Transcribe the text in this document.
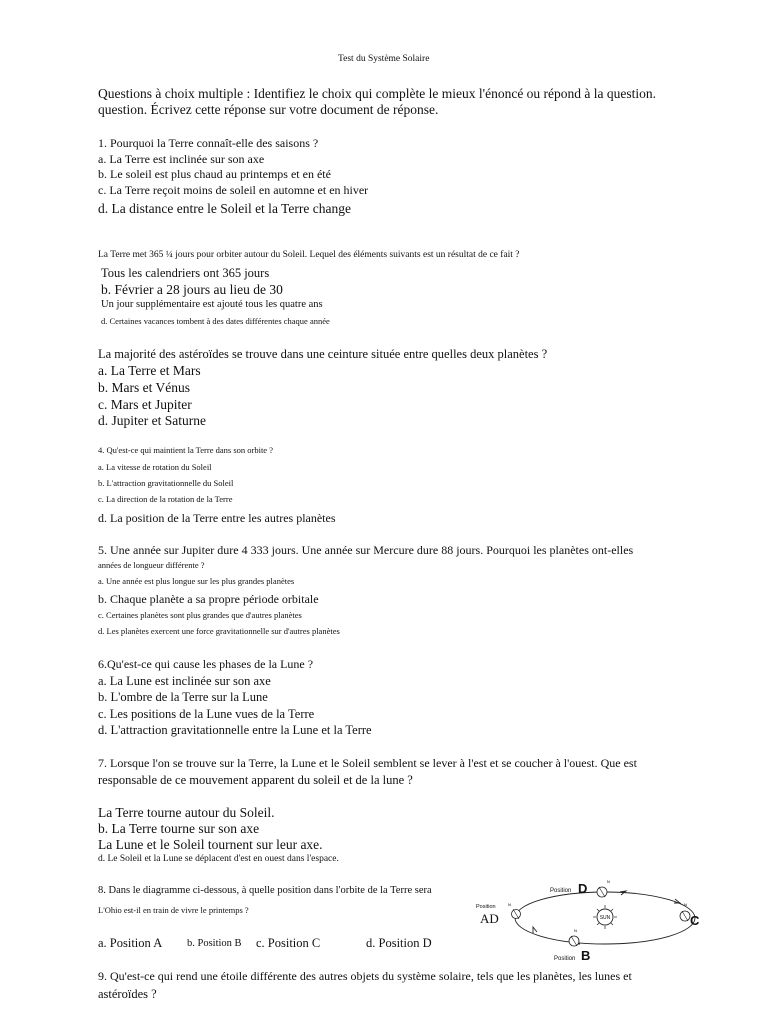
Test du Système Solaire
Questions à choix multiple : Identifiez le choix qui complète le mieux l'énoncé ou répond à la question.
question. Écrivez cette réponse sur votre document de réponse.
1. Pourquoi la Terre connaît-elle des saisons ?
a. La Terre est inclinée sur son axe
b. Le soleil est plus chaud au printemps et en été
c. La Terre reçoit moins de soleil en automne et en hiver
d. La distance entre le Soleil et la Terre change
La Terre met 365 ¼ jours pour orbiter autour du Soleil. Lequel des éléments suivants est un résultat de ce fait ?
Tous les calendriers ont 365 jours
b. Février a 28 jours au lieu de 30
Un jour supplémentaire est ajouté tous les quatre ans
d. Certaines vacances tombent à des dates différentes chaque année
La majorité des astéroïdes se trouve dans une ceinture située entre quelles deux planètes ?
a. La Terre et Mars
b. Mars et Vénus
c. Mars et Jupiter
d. Jupiter et Saturne
4. Qu'est-ce qui maintient la Terre dans son orbite ?
a. La vitesse de rotation du Soleil
b. L'attraction gravitationnelle du Soleil
c. La direction de la rotation de la Terre
d. La position de la Terre entre les autres planètes
5. Une année sur Jupiter dure 4 333 jours. Une année sur Mercure dure 88 jours. Pourquoi les planètes ont-elles
années de longueur différente ?
a. Une année est plus longue sur les plus grandes planètes
b. Chaque planète a sa propre période orbitale
c. Certaines planètes sont plus grandes que d'autres planètes
d. Les planètes exercent une force gravitationnelle sur d'autres planètes
6.Qu'est-ce qui cause les phases de la Lune ?
a. La Lune est inclinée sur son axe
b. L'ombre de la Terre sur la Lune
c. Les positions de la Lune vues de la Terre
d. L'attraction gravitationnelle entre la Lune et la Terre
7. Lorsque l'on se trouve sur la Terre, la Lune et le Soleil semblent se lever à l'est et se coucher à l'ouest. Que est
responsable de ce mouvement apparent du soleil et de la lune ?
La Terre tourne autour du Soleil.
b. La Terre tourne sur son axe
La Lune et le Soleil tournent sur leur axe.
d. Le Soleil et la Lune se déplacent d'est en ouest dans l'espace.
8. Dans le diagramme ci-dessous, à quelle position dans l'orbite de la Terre sera
L'Ohio est-il en train de vivre le printemps ?
a. Position A b. Position B c. Position C	d. Position D
SUN
N
N
N
N
Position D
Position
AD	C
Position B
9. Qu'est-ce qui rend une étoile différente des autres objets du système solaire, tels que les planètes, les lunes et
astéroïdes ?
